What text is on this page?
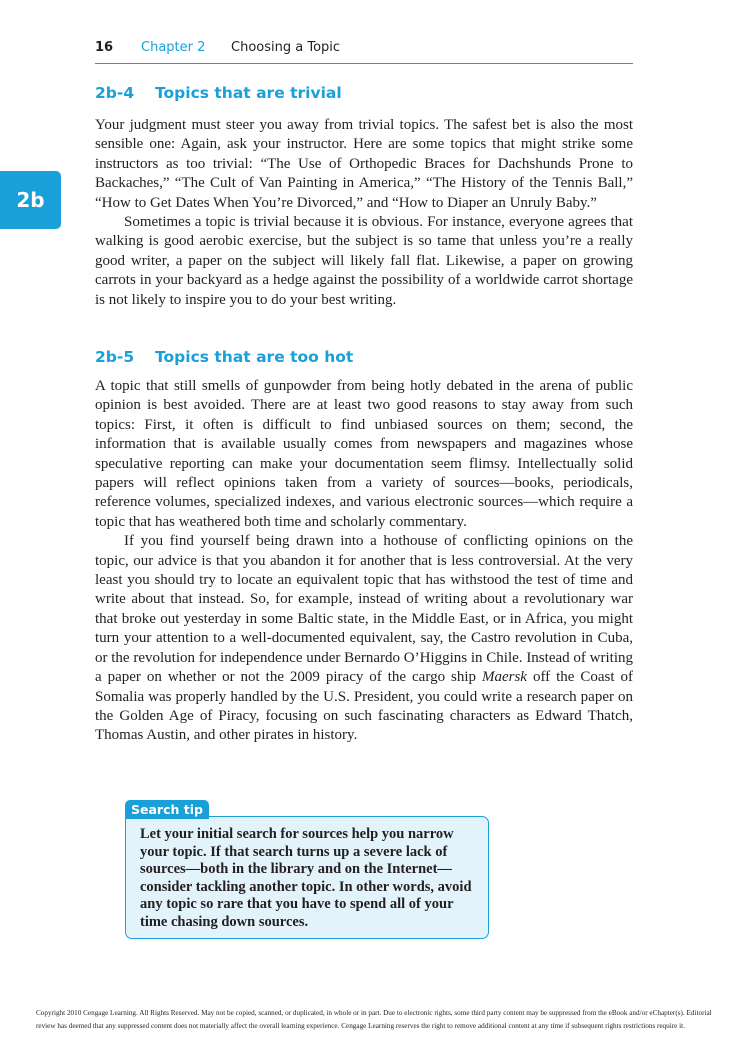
16 Chapter 2 Choosing a Topic
2b
2b-4 Topics that are trivial

Your judgment must steer you away from trivial topics. The safest bet is also the most sensible one: Again, ask your instructor. Here are some topics that might strike some instructors as too trivial: “The Use of Orthopedic Braces for Dachshunds Prone to Backaches,” “The Cult of Van Painting in America,” “The History of the Tennis Ball,” “How to Get Dates When You’re Divorced,” and “How to Diaper an Unruly Baby.”

Sometimes a topic is trivial because it is obvious. For instance, everyone agrees that walking is good aerobic exercise, but the subject is so tame that unless you’re a really good writer, a paper on the subject will likely fall flat. Likewise, a paper on growing carrots in your backyard as a hedge against the possibility of a worldwide carrot shortage is not likely to inspire you to do your best writing.

2b-5 Topics that are too hot

A topic that still smells of gunpowder from being hotly debated in the arena of public opinion is best avoided. There are at least two good reasons to stay away from such topics: First, it often is difficult to find unbiased sources on them; second, the information that is available usually comes from newspapers and magazines whose speculative reporting can make your documentation seem flimsy. Intellectually solid papers will reflect opinions taken from a variety of sources—books, periodicals, reference volumes, specialized indexes, and various electronic sources—which require a topic that has weathered both time and scholarly commentary.

If you find yourself being drawn into a hothouse of conflicting opinions on the topic, our advice is that you abandon it for another that is less controversial. At the very least you should try to locate an equivalent topic that has withstood the test of time and write about that instead. So, for example, instead of writing about a revolutionary war that broke out yesterday in some Baltic state, in the Middle East, or in Africa, you might turn your attention to a well-documented equivalent, say, the Castro revolution in Cuba, or the revolution for independence under Bernardo O’Higgins in Chile. Instead of writing a paper on whether or not the 2009 piracy of the cargo ship Maersk off the Coast of Somalia was properly handled by the U.S. President, you could write a research paper on the Golden Age of Piracy, focusing on such fascinating characters as Edward Thatch, Thomas Austin, and other pirates in history.

Search tip
Let your initial search for sources help you narrow your topic. If that search turns up a severe lack of sources—both in the library and on the Internet—consider tackling another topic. In other words, avoid any topic so rare that you have to spend all of your time chasing down sources.
Copyright 2010 Cengage Learning. All Rights Reserved. May not be copied, scanned, or duplicated, in whole or in part. Due to electronic rights, some third party content may be suppressed from the eBook and/or eChapter(s). Editorial review has deemed that any suppressed content does not materially affect the overall learning experience. Cengage Learning reserves the right to remove additional content at any time if subsequent rights restrictions require it.
